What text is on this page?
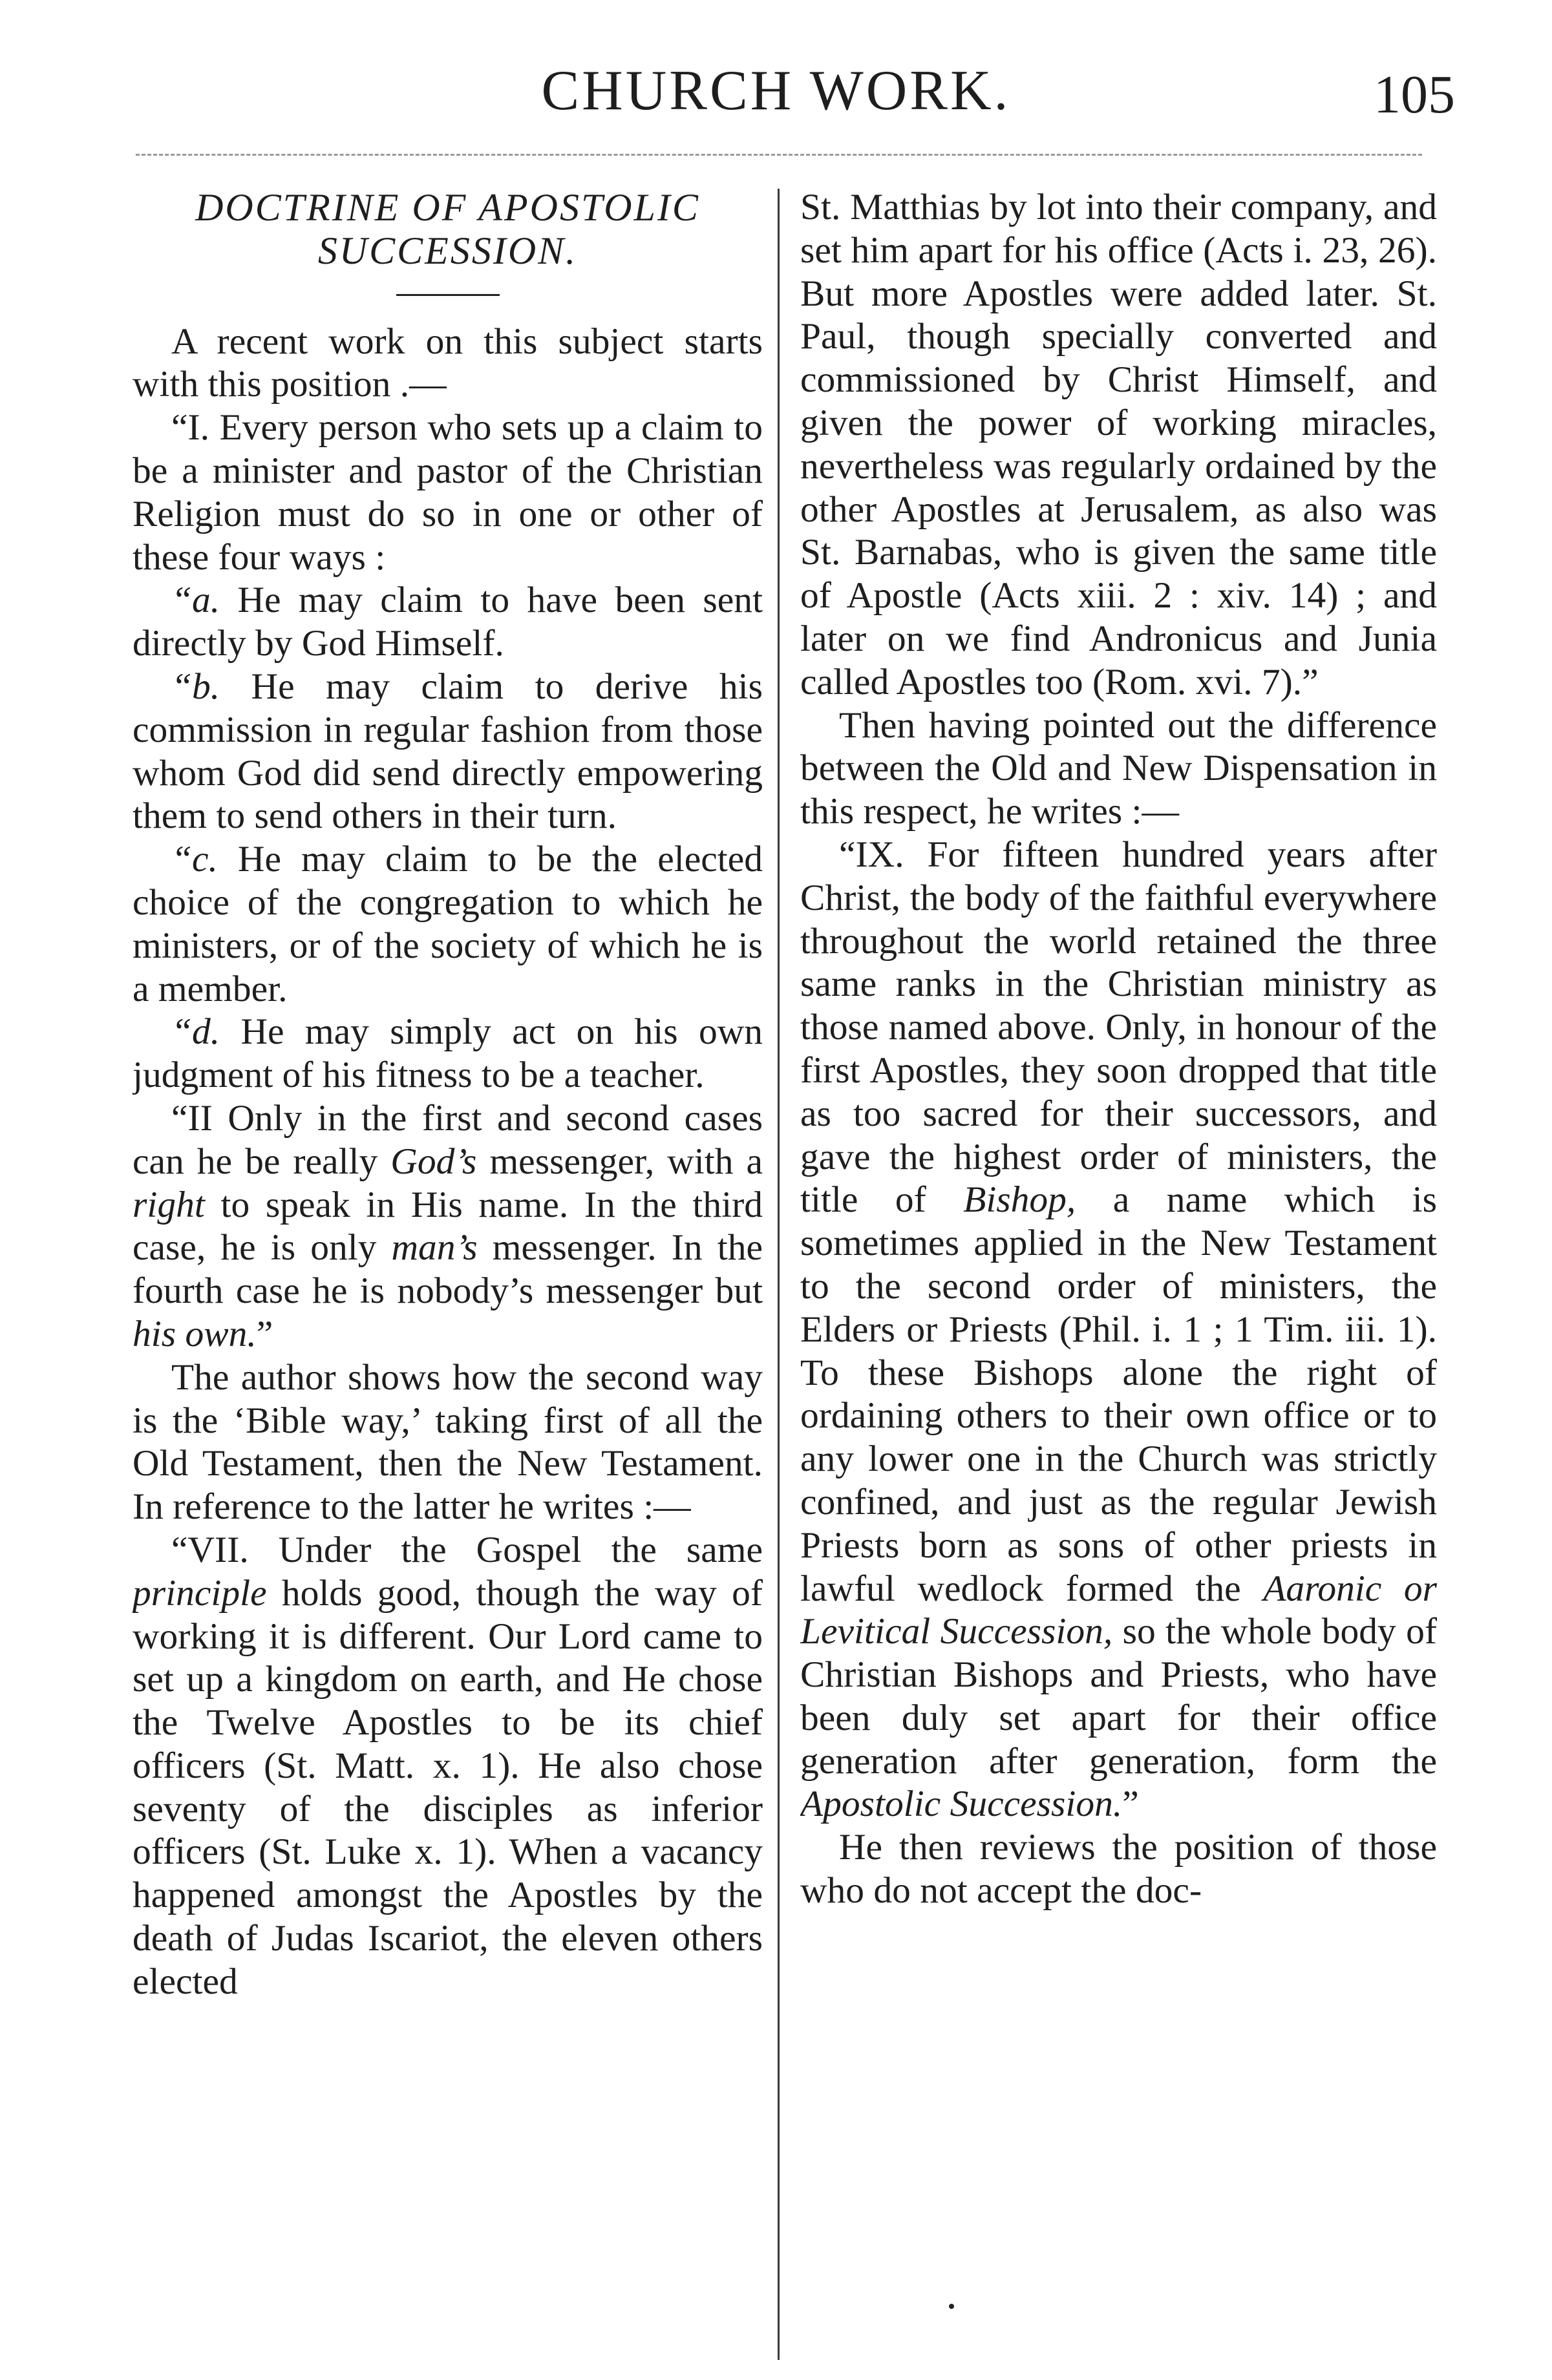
CHURCH WORK.	105
DOCTRINE OF APOSTOLIC
SUCCESSION.

A recent work on this subject starts with this position .—

“I. Every person who sets up a claim to be a minister and pastor of the Christian Religion must do so in one or other of these four ways :

“a. He may claim to have been sent directly by God Himself.

“b. He may claim to derive his commission in regular fashion from those whom God did send directly empowering them to send others in their turn.

“c. He may claim to be the elected choice of the congregation to which he ministers, or of the society of which he is a member.

“d. He may simply act on his own judgment of his fitness to be a teacher.

“II Only in the first and second cases can he be really God’s messenger, with a right to speak in His name. In the third case, he is only man’s messenger. In the fourth case he is nobody’s messenger but his own.”

The author shows how the second way is the ‘Bible way,’ taking first of all the Old Testament, then the New Testament. In reference to the latter he writes :—

“VII. Under the Gospel the same principle holds good, though the way of working it is different. Our Lord came to set up a kingdom on earth, and He chose the Twelve Apostles to be its chief officers (St. Matt. x. 1). He also chose seventy of the disciples as inferior officers (St. Luke x. 1). When a vacancy happened amongst the Apostles by the death of Judas Iscariot, the eleven others elected

St. Matthias by lot into their company, and set him apart for his office (Acts i. 23, 26). But more Apostles were added later. St. Paul, though specially converted and commissioned by Christ Himself, and given the power of working miracles, nevertheless was regularly ordained by the other Apostles at Jerusalem, as also was St. Barnabas, who is given the same title of Apostle (Acts xiii. 2 : xiv. 14) ; and later on we find Andronicus and Junia called Apostles too (Rom. xvi. 7).”

Then having pointed out the difference between the Old and New Dispensation in this respect, he writes :—

“IX. For fifteen hundred years after Christ, the body of the faithful everywhere throughout the world retained the three same ranks in the Christian ministry as those named above. Only, in honour of the first Apostles, they soon dropped that title as too sacred for their successors, and gave the highest order of ministers, the title of Bishop, a name which is sometimes applied in the New Testament to the second order of ministers, the Elders or Priests (Phil. i. 1 ; 1 Tim. iii. 1). To these Bishops alone the right of ordaining others to their own office or to any lower one in the Church was strictly confined, and just as the regular Jewish Priests born as sons of other priests in lawful wedlock formed the Aaronic or Levitical Succession, so the whole body of Christian Bishops and Priests, who have been duly set apart for their office generation after generation, form the Apostolic Succession.”

He then reviews the position of those who do not accept the doc-
